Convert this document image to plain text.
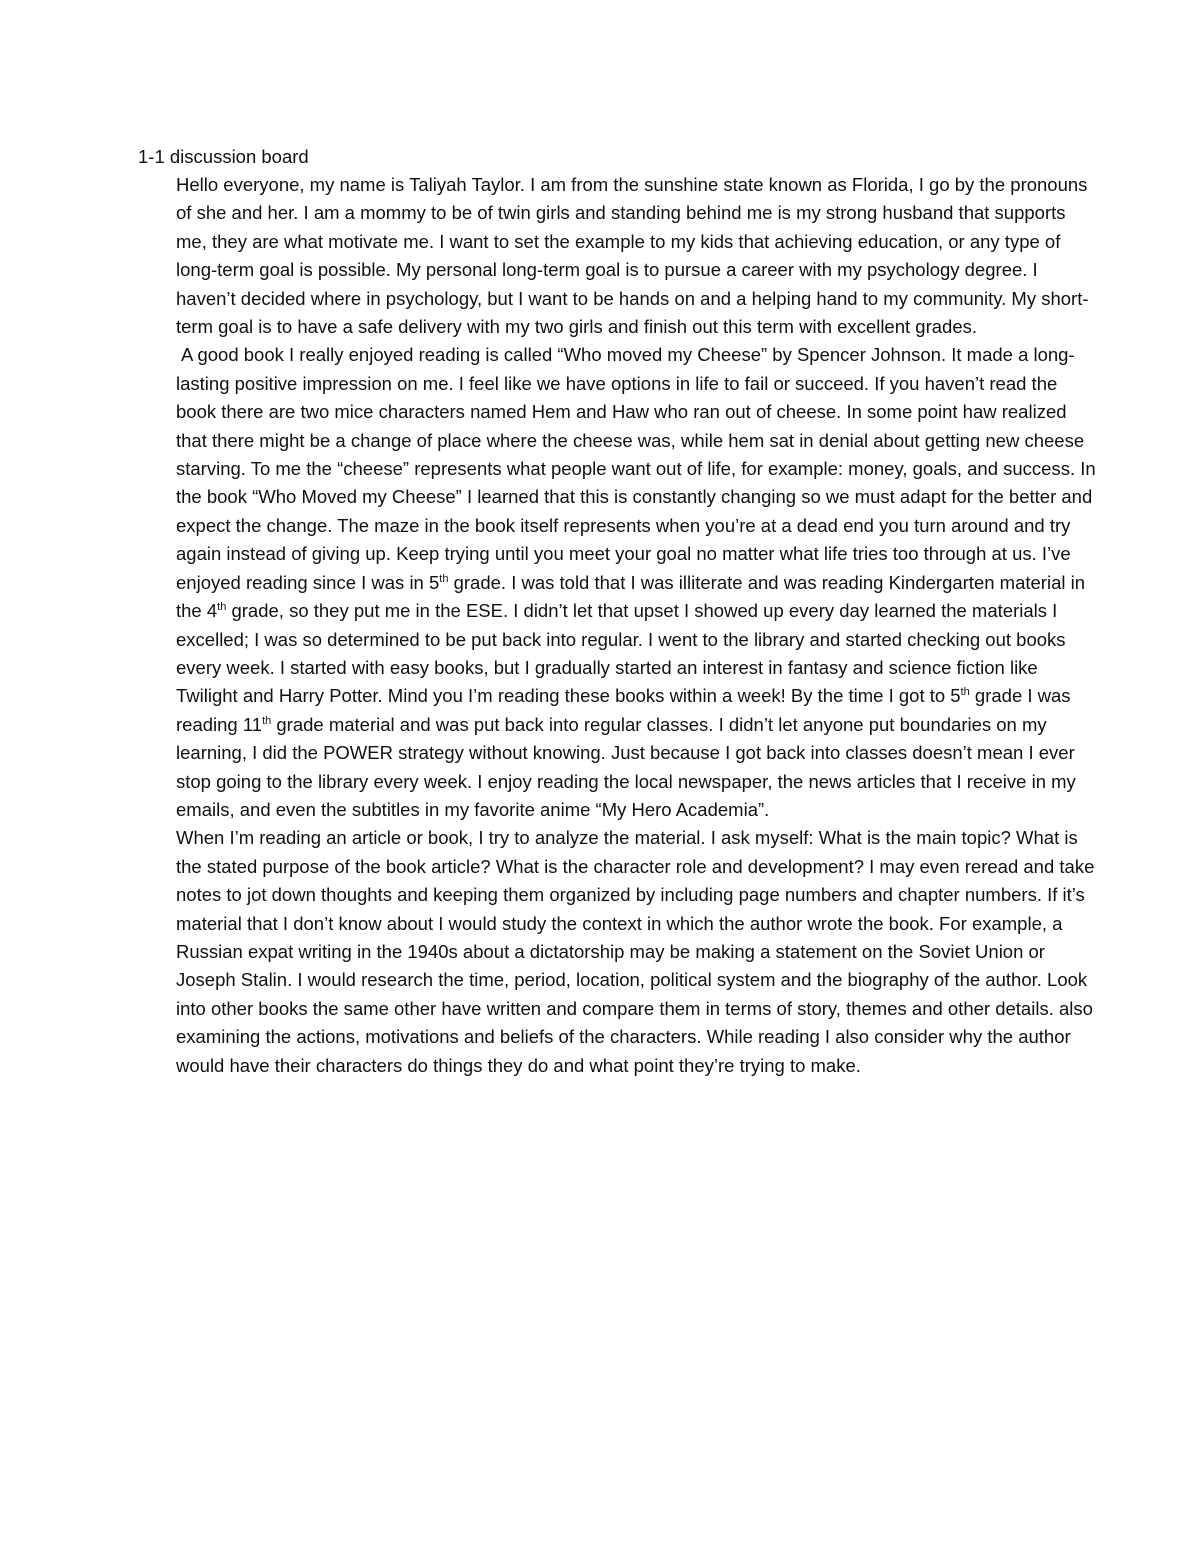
1-1 discussion board

Hello everyone, my name is Taliyah Taylor. I am from the sunshine state known as Florida, I go by the pronouns of she and her. I am a mommy to be of twin girls and standing behind me is my strong husband that supports me, they are what motivate me. I want to set the example to my kids that achieving education, or any type of long-term goal is possible. My personal long-term goal is to pursue a career with my psychology degree. I haven’t decided where in psychology, but I want to be hands on and a helping hand to my community. My short-term goal is to have a safe delivery with my two girls and finish out this term with excellent grades.

A good book I really enjoyed reading is called “Who moved my Cheese” by Spencer Johnson. It made a long-lasting positive impression on me. I feel like we have options in life to fail or succeed. If you haven’t read the book there are two mice characters named Hem and Haw who ran out of cheese. In some point haw realized that there might be a change of place where the cheese was, while hem sat in denial about getting new cheese starving. To me the “cheese” represents what people want out of life, for example: money, goals, and success. In the book “Who Moved my Cheese” I learned that this is constantly changing so we must adapt for the better and expect the change. The maze in the book itself represents when you’re at a dead end you turn around and try again instead of giving up. Keep trying until you meet your goal no matter what life tries too through at us. I’ve enjoyed reading since I was in 5th grade. I was told that I was illiterate and was reading Kindergarten material in the 4th grade, so they put me in the ESE. I didn’t let that upset I showed up every day learned the materials I excelled; I was so determined to be put back into regular. I went to the library and started checking out books every week. I started with easy books, but I gradually started an interest in fantasy and science fiction like Twilight and Harry Potter. Mind you I’m reading these books within a week! By the time I got to 5th grade I was reading 11th grade material and was put back into regular classes. I didn’t let anyone put boundaries on my learning, I did the POWER strategy without knowing. Just because I got back into classes doesn’t mean I ever stop going to the library every week. I enjoy reading the local newspaper, the news articles that I receive in my emails, and even the subtitles in my favorite anime “My Hero Academia”.

When I’m reading an article or book, I try to analyze the material. I ask myself: What is the main topic? What is the stated purpose of the book article? What is the character role and development? I may even reread and take notes to jot down thoughts and keeping them organized by including page numbers and chapter numbers. If it’s material that I don’t know about I would study the context in which the author wrote the book. For example, a Russian expat writing in the 1940s about a dictatorship may be making a statement on the Soviet Union or Joseph Stalin. I would research the time, period, location, political system and the biography of the author. Look into other books the same other have written and compare them in terms of story, themes and other details. also examining the actions, motivations and beliefs of the characters. While reading I also consider why the author would have their characters do things they do and what point they’re trying to make.
